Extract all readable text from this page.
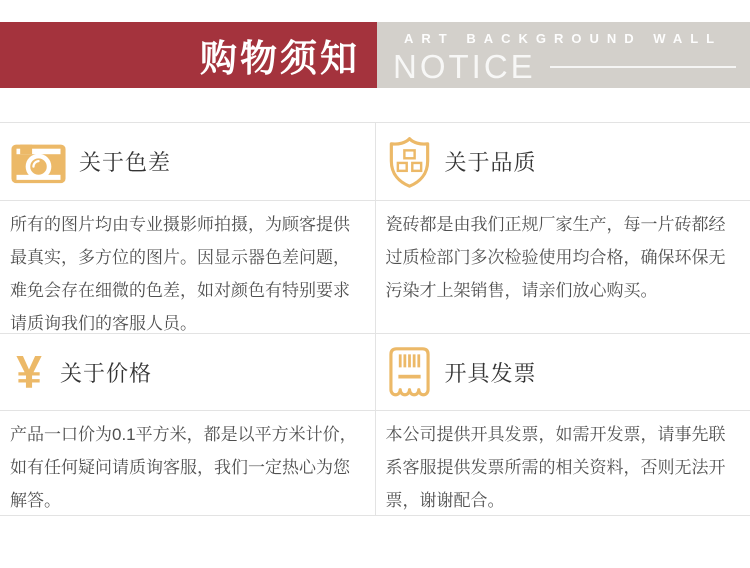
购物须知	ART BACKGROUND WALL
NOTICE
关于色差
所有的图片均由专业摄影师拍摄，为顾客提供最真实，多方位的图片。因显示器色差问题，难免会存在细微的色差，如对颜色有特别要求请质询我们的客服人员。
关于品质
瓷砖都是由我们正规厂家生产，每一片砖都经过质检部门多次检验使用均合格，确保环保无污染才上架销售，请亲们放心购买。
¥ 关于价格
产品一口价为0.1平方米，都是以平方米计价，如有任何疑问请质询客服，我们一定热心为您解答。
开具发票
本公司提供开具发票，如需开发票，请事先联系客服提供发票所需的相关资料，否则无法开票，谢谢配合。
